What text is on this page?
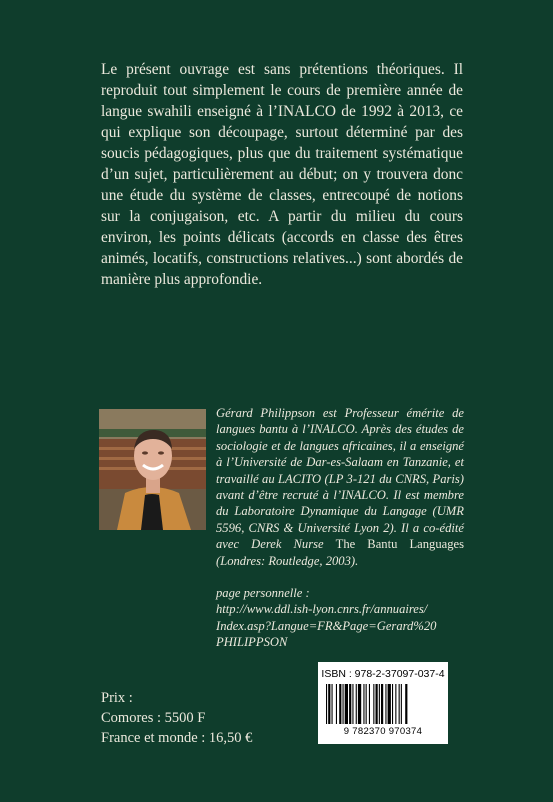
Le présent ouvrage est sans prétentions théoriques. Il reproduit tout simplement le cours de première année de langue swahili enseigné à l’INALCO de 1992 à 2013, ce qui explique son découpage, surtout déterminé par des soucis pédagogiques, plus que du traitement systématique d’un sujet, particulièrement au début; on y trouvera donc une étude du système de classes, entrecoupé de notions sur la conjugaison, etc. A partir du milieu du cours environ, les points délicats (accords en classe des êtres animés, locatifs, constructions relatives...) sont abordés de manière plus approfondie.

Gérard Philippson est Professeur émérite de langues bantu à l’INALCO. Après des études de sociologie et de langues africaines, il a enseigné à l’Université de Dar-es-Salaam en Tanzanie, et travaillé au LACITO (LP 3-121 du CNRS, Paris) avant d’être recruté à l’INALCO. Il est membre du Laboratoire Dynamique du Langage (UMR 5596, CNRS & Université Lyon 2). Il a co-édité avec Derek Nurse The Bantu Languages (Londres: Routledge, 2003).

page personnelle :
http://www.ddl.ish-lyon.cnrs.fr/annuaires/
Index.asp?Langue=FR&Page=Gerard%20
PHILIPPSON
Prix :
Comores : 5500 F
France et monde : 16,50 €
ISBN : 978-2-37097-037-4
9 782370 970374
